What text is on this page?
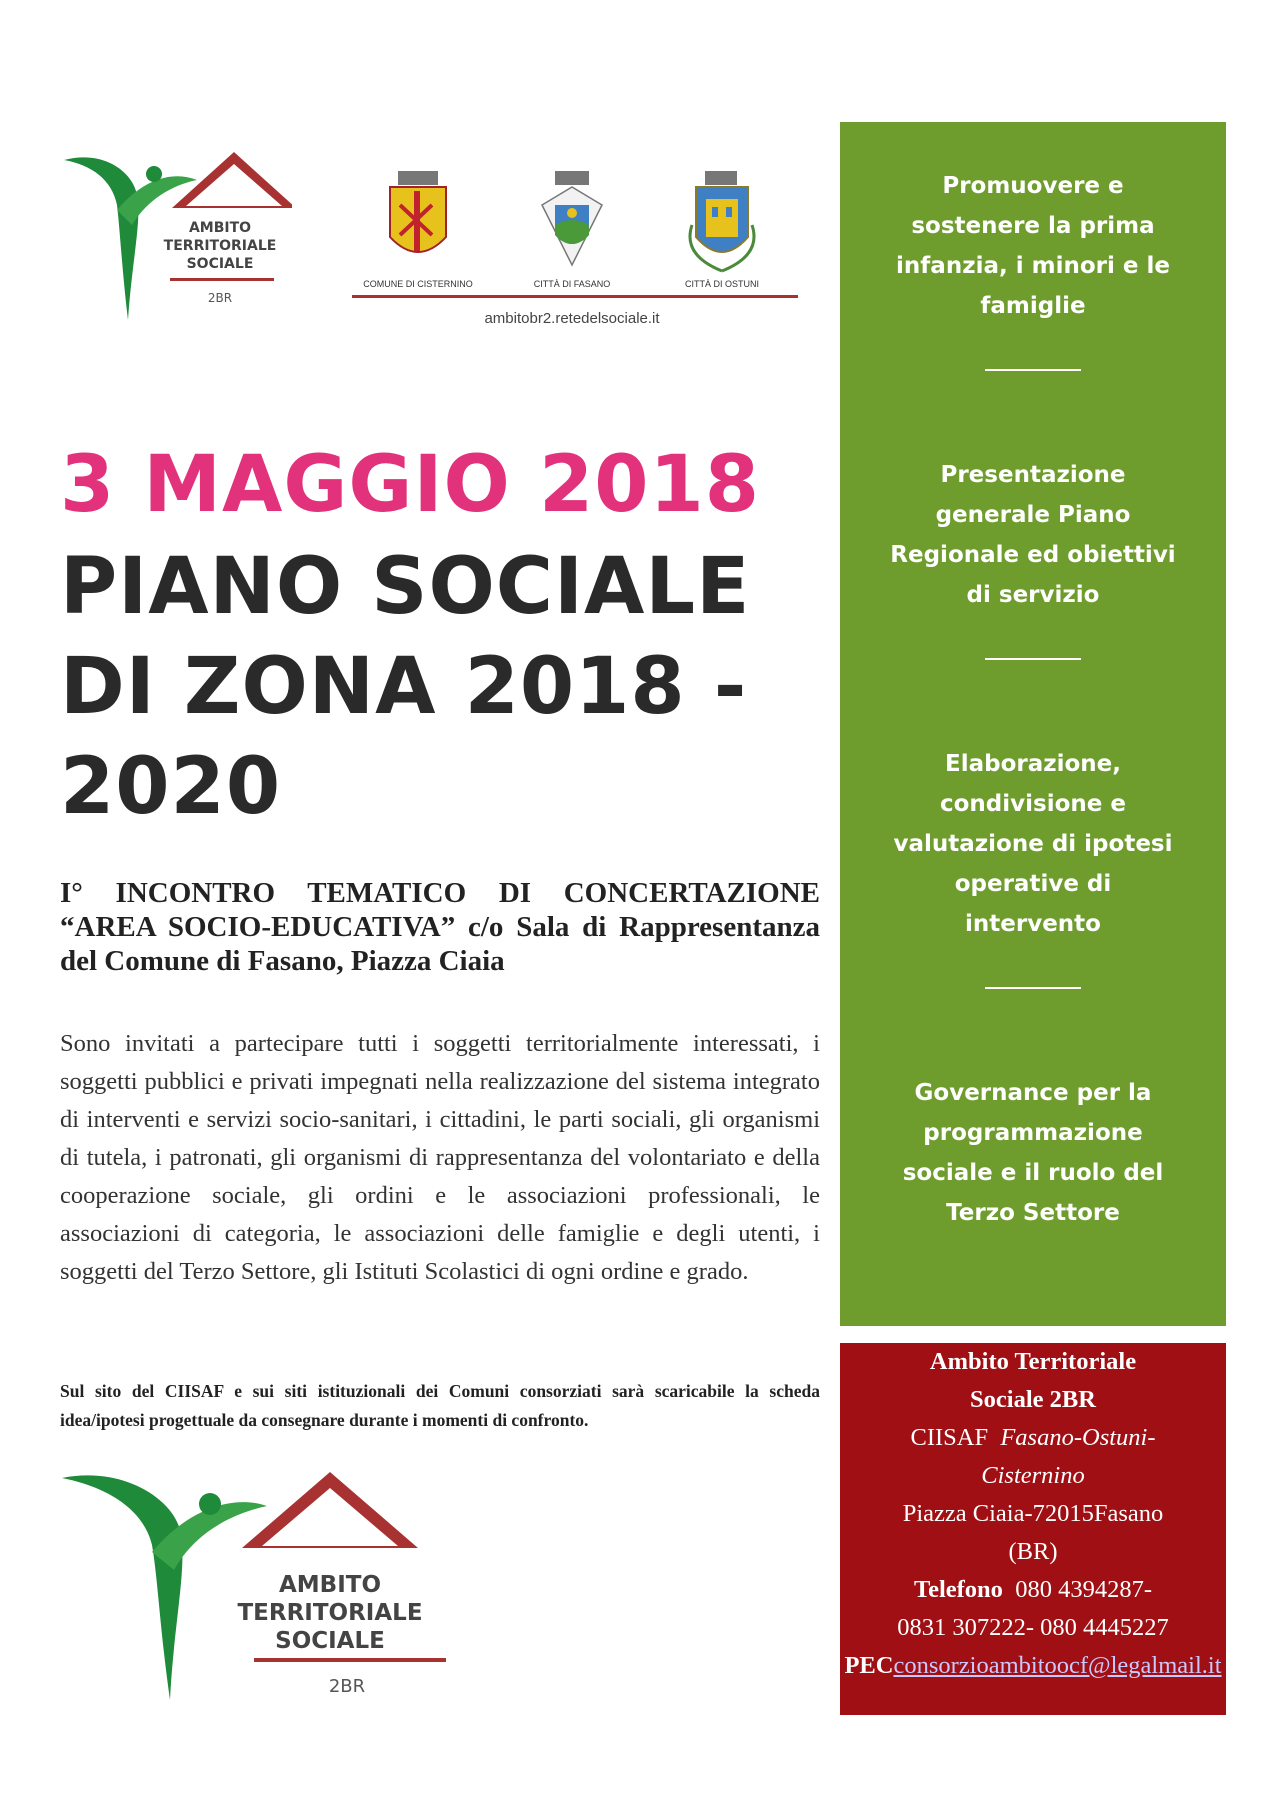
AMBITO
TERRITORIALE
SOCIALE
2BR
COMUNE DI CISTERNINO	CITTÀ DI FASANO	CITTÀ DI OSTUNI
ambitobr2.retedelsociale.it
3 MAGGIO 2018
PIANO SOCIALE
DI ZONA 2018 -
2020

I° INCONTRO TEMATICO DI CONCERTAZIONE “AREA SOCIO-EDUCATIVA” c/o Sala di Rappresentanza del Comune di Fasano, Piazza Ciaia

Sono invitati a partecipare tutti i soggetti territorialmente interessati, i soggetti pubblici e privati impegnati nella realizzazione del sistema integrato di interventi e servizi socio-sanitari, i cittadini, le parti sociali, gli organismi di tutela, i patronati, gli organismi di rappresentanza del volontariato e della cooperazione sociale, gli ordini e le associazioni professionali, le associazioni di categoria, le associazioni delle famiglie e degli utenti, i soggetti del Terzo Settore, gli Istituti Scolastici di ogni ordine e grado.

Sul sito del CIISAF e sui siti istituzionali dei Comuni consorziati sarà scaricabile la scheda idea/ipotesi progettuale da consegnare durante i momenti di confronto.

AMBITO
TERRITORIALE
SOCIALE
2BR
Promuovere e
sostenere la prima
infanzia, i minori e le
famiglie
Presentazione
generale Piano
Regionale ed obiettivi
di servizio
Elaborazione,
condivisione e
valutazione di ipotesi
operative di
intervento
Governance per la
programmazione
sociale e il ruolo del
Terzo Settore

Ambito Territoriale

Sociale 2BR

CIISAF Fasano-Ostuni-

Cisternino

Piazza Ciaia-72015Fasano

(BR)

Telefono 080 4394287-

0831 307222- 080 4445227

PECconsorzioambitoocf@legalmail.it
